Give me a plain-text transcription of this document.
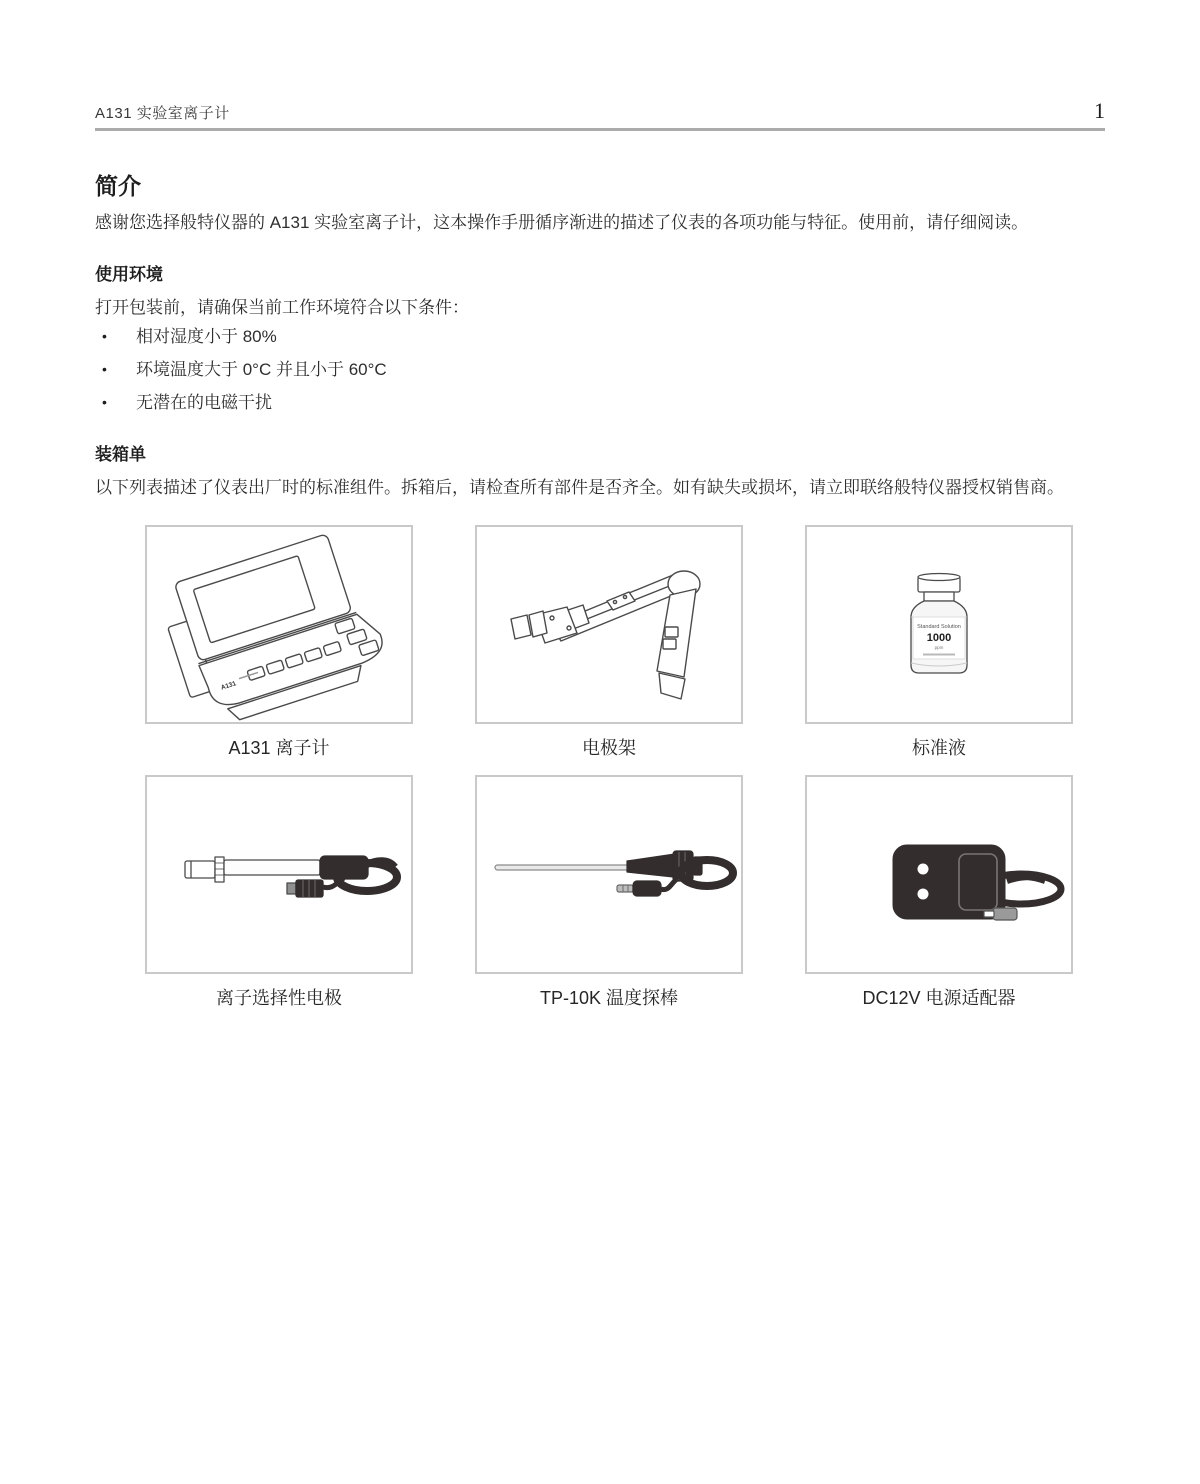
A131 实验室离子计	1
简介

感谢您选择般特仪器的 A131 实验室离子计，这本操作手册循序渐进的描述了仪表的各项功能与特征。使用前，请仔细阅读。

使用环境

打开包装前，请确保当前工作环境符合以下条件：

•	相对湿度小于 80%
•	环境温度大于 0°C 并且小于 60°C
•	无潜在的电磁干扰
装箱单

以下列表描述了仪表出厂时的标准组件。拆箱后，请检查所有部件是否齐全。如有缺失或损坏，请立即联络般特仪器授权销售商。

A131
A131 离子计	电极架
Standard Solution
1000
ppm
标准液
离子选择性电极	TP-10K 温度探棒	DC12V 电源适配器
